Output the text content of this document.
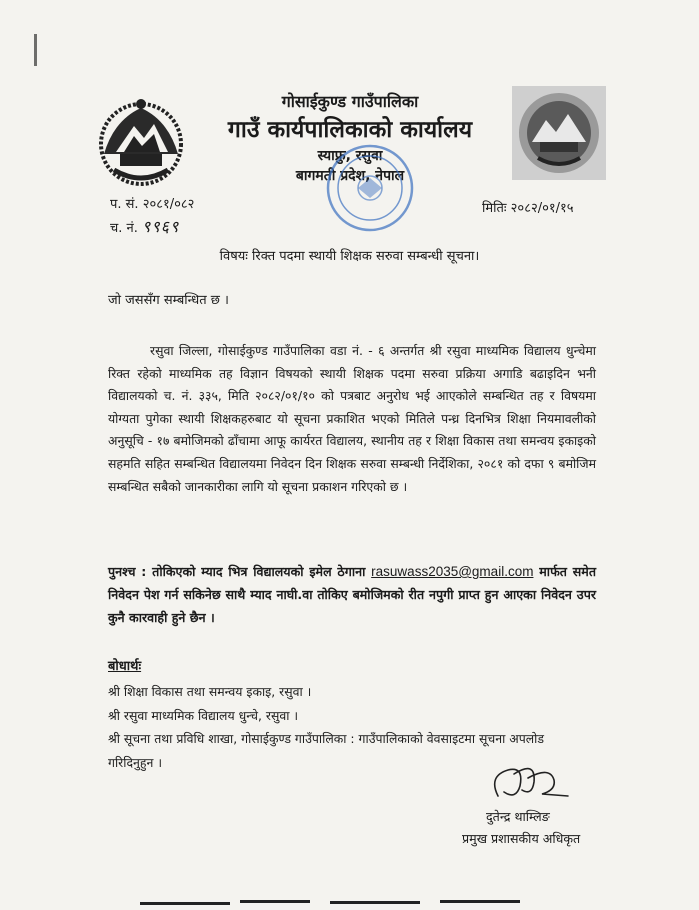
गोसाईकुण्ड गाउँपालिका
गाउँ कार्यपालिकाको कार्यालय
स्याफ्रु, रसुवा
बागमती प्रदेश, नेपाल
प. सं. २०८१/०८२
च. नं. ९९६९
मितिः २०८२/०१/१५
विषयः रिक्त पदमा स्थायी शिक्षक सरुवा सम्बन्धी सूचना।
जो जससँग सम्बन्धित छ ।
रसुवा जिल्ला, गोसाईकुण्ड गाउँपालिका वडा नं. - ६ अन्तर्गत श्री रसुवा माध्यमिक विद्यालय धुन्चेमा रिक्त रहेको माध्यमिक तह विज्ञान विषयको स्थायी शिक्षक पदमा सरुवा प्रक्रिया अगाडि बढाइदिन भनी विद्यालयको च. नं. ३३५, मिति २०८२/०१/१० को पत्रबाट अनुरोध भई आएकोले सम्बन्धित तह र विषयमा योग्यता पुगेका स्थायी शिक्षकहरुबाट यो सूचना प्रकाशित भएको मितिले पन्ध्र दिनभित्र शिक्षा नियमावलीको अनुसूचि - १७ बमोजिमको ढाँचामा आफू कार्यरत विद्यालय, स्थानीय तह र शिक्षा विकास तथा समन्वय इकाइको सहमति सहित सम्बन्धित विद्यालयमा निवेदन दिन शिक्षक सरुवा सम्बन्धी निर्देशिका, २०८१ को दफा ९ बमोजिम सम्बन्धित सबैको जानकारीका लागि यो सूचना प्रकाशन गरिएको छ ।
पुनश्च : तोकिएको म्याद भित्र विद्यालयको इमेल ठेगाना rasuwass2035@gmail.com मार्फत समेत निवेदन पेश गर्न सकिनेछ साथै म्याद नाघी.वा तोकिए बमोजिमको रीत नपुगी प्राप्त हुन आएका निवेदन उपर कुनै कारवाही हुने छैन ।
बोधार्थः
श्री शिक्षा विकास तथा समन्वय इकाइ, रसुवा ।
श्री रसुवा माध्यमिक विद्यालय धुन्चे, रसुवा ।
श्री सूचना तथा प्रविधि शाखा, गोसाईकुण्ड गाउँपालिका : गाउँपालिकाको वेवसाइटमा सूचना अपलोड गरिदिनुहुन ।
दुतेन्द्र थाम्लिङ
प्रमुख प्रशासकीय अधिकृत
